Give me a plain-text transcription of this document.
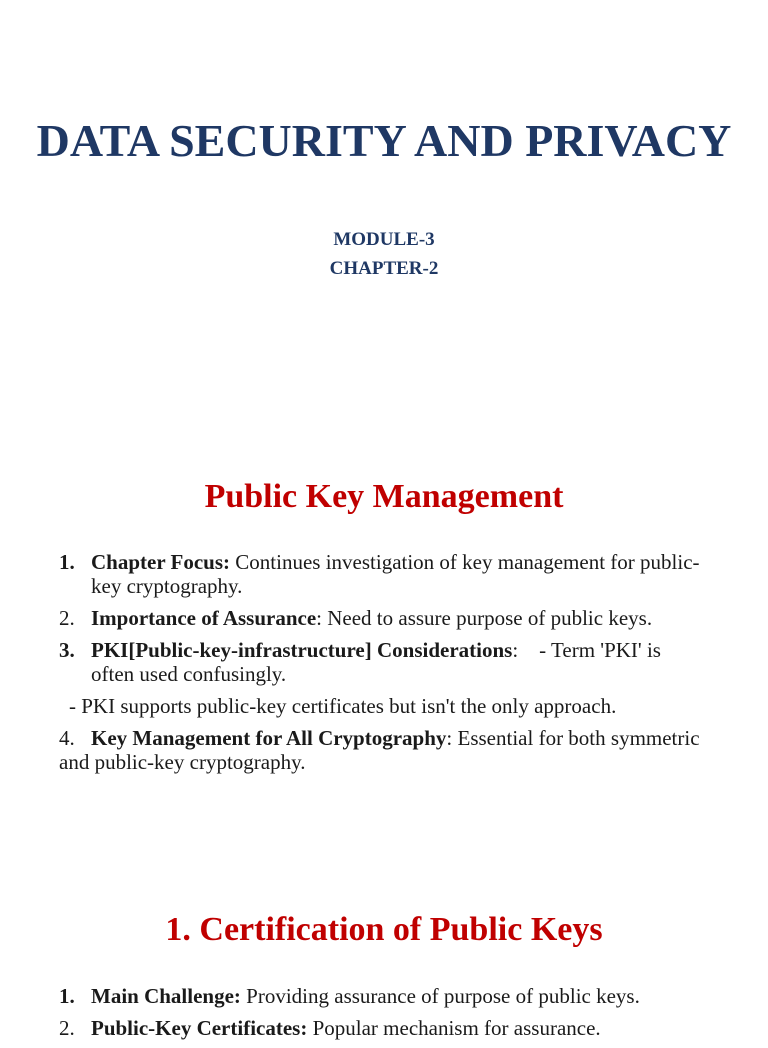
DATA SECURITY AND PRIVACY
MODULE-3
CHAPTER-2
Public Key Management
1. Chapter Focus: Continues investigation of key management for public-key cryptography.
2. Importance of Assurance: Need to assure purpose of public keys.
3. PKI[Public-key-infrastructure] Considerations:    - Term 'PKI' is often used confusingly.
- PKI supports public-key certificates but isn't the only approach.
4. Key Management for All Cryptography: Essential for both symmetric and public-key cryptography.
1. Certification of Public Keys
1. Main Challenge: Providing assurance of purpose of public keys.
2. Public-Key Certificates: Popular mechanism for assurance.
